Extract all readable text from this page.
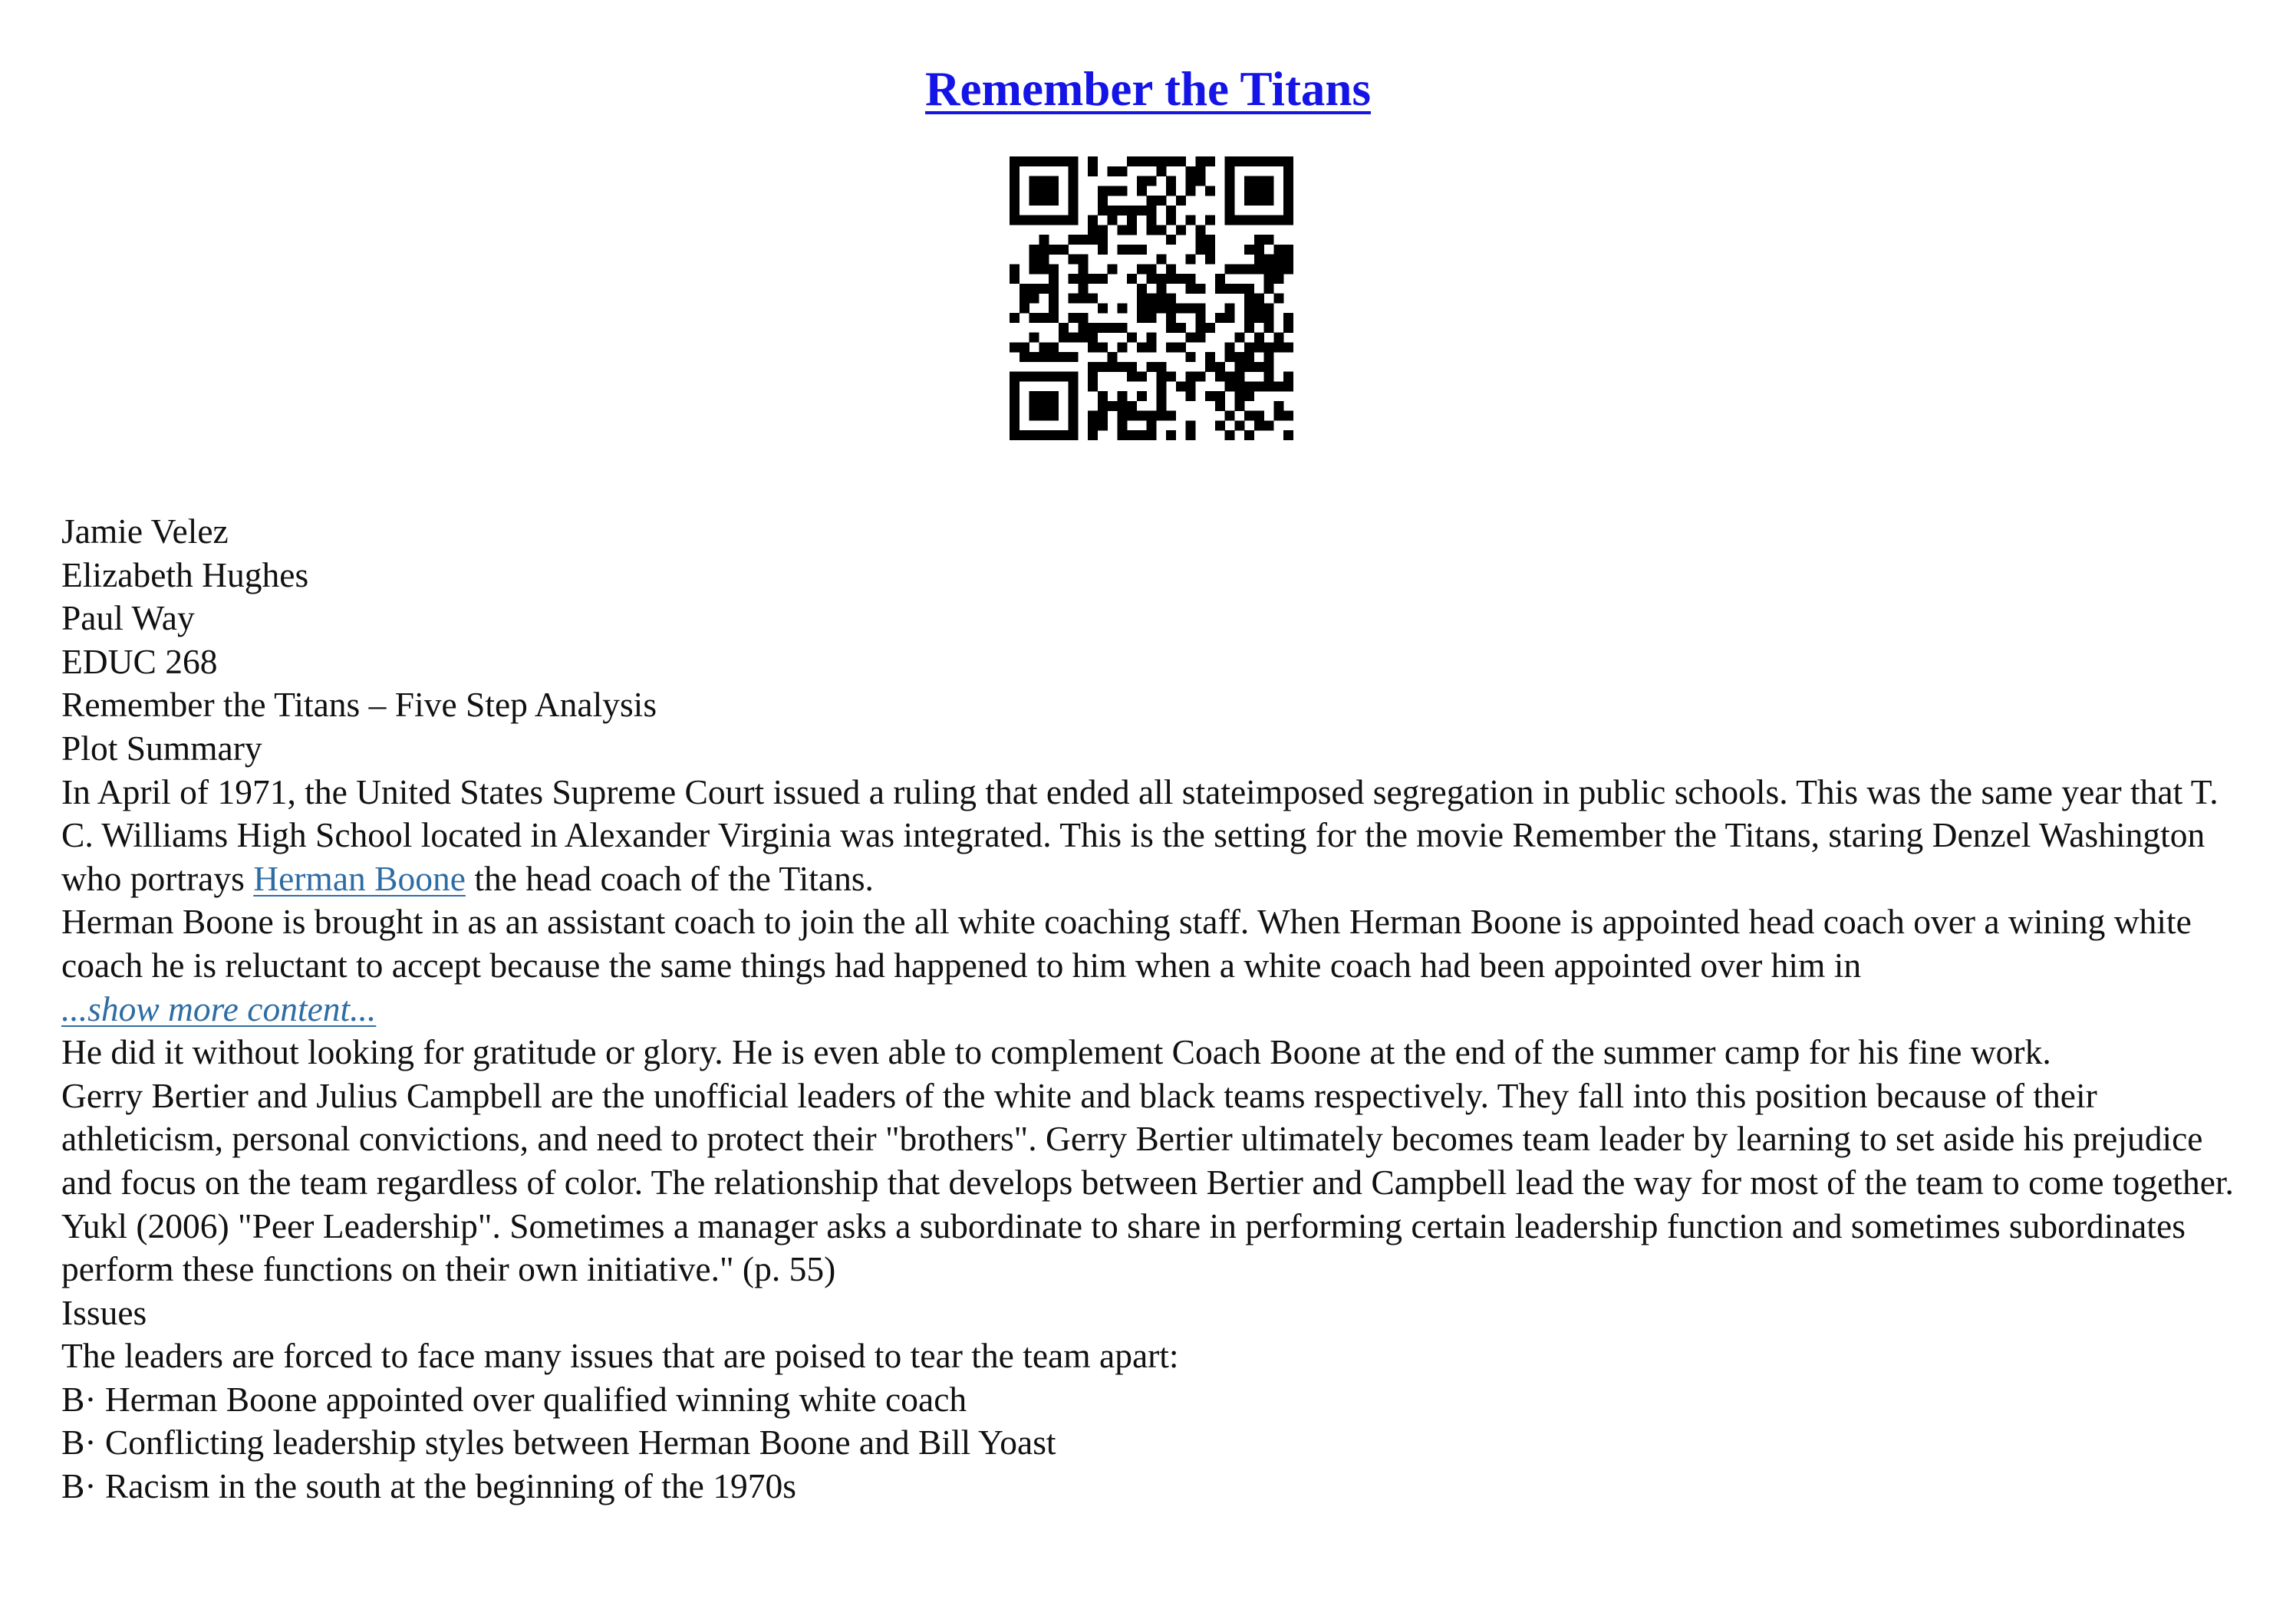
Remember the Titans
Jamie Velez
Elizabeth Hughes
Paul Way
EDUC 268
Remember the Titans – Five Step Analysis
Plot Summary
In April of 1971, the United States Supreme Court issued a ruling that ended all stateimposed segregation in public schools. This was the same year that T. C. Williams High School located in Alexander Virginia was integrated. This is the setting for the movie Remember the Titans, staring Denzel Washington who portrays Herman Boone the head coach of the Titans.
Herman Boone is brought in as an assistant coach to join the all white coaching staff. When Herman Boone is appointed head coach over a wining white coach he is reluctant to accept because the same things had happened to him when a white coach had been appointed over him in
...show more content...
He did it without looking for gratitude or glory. He is even able to complement Coach Boone at the end of the summer camp for his fine work.
Gerry Bertier and Julius Campbell are the unofficial leaders of the white and black teams respectively. They fall into this position because of their athleticism, personal convictions, and need to protect their "brothers". Gerry Bertier ultimately becomes team leader by learning to set aside his prejudice and focus on the team regardless of color. The relationship that develops between Bertier and Campbell lead the way for most of the team to come together.
Yukl (2006) "Peer Leadership". Sometimes a manager asks a subordinate to share in performing certain leadership function and sometimes subordinates perform these functions on their own initiative." (p. 55)
Issues
The leaders are forced to face many issues that are poised to tear the team apart:
B· Herman Boone appointed over qualified winning white coach
B· Conflicting leadership styles between Herman Boone and Bill Yoast
B· Racism in the south at the beginning of the 1970s
